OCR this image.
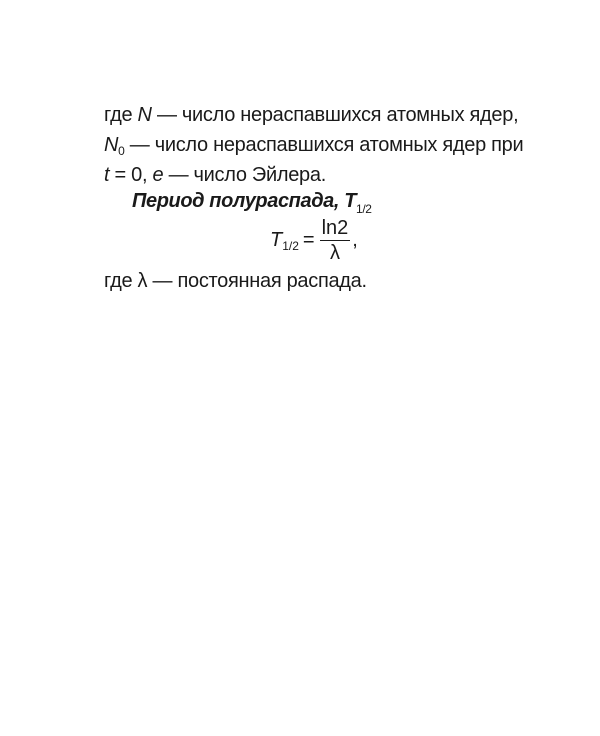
где N — число нераспавшихся атомных ядер,
$N_0$ — число нераспавшихся атомных ядер при
t = 0, e — число Эйлера.
Период полураспада, $T_{1/2}$
$T_{1/2} = \frac{\ln 2}{\lambda}$ ,
где λ — постоянная распада.
